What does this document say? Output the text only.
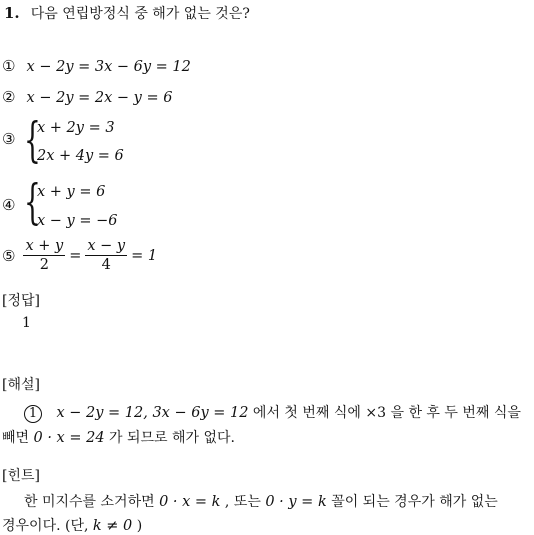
1. 다음 연립방정식 중 해가 없는 것은?
① x − 2y = 3x − 6y = 12
② x − 2y = 2x − y = 6
③ {
x + 2y = 3
2x + 4y = 6
④ {
x + y = 6
x − y = −6
⑤ $\frac{x + y}{2} = \frac{x - y}{4} = 1$
[정답]
1
[해설]
1 x − 2y = 12, 3x − 6y = 12 에서 첫 번째 식에 ×3 을 한 후 두 번째 식을
빼면 0 · x = 24 가 되므로 해가 없다.
[힌트]
한 미지수를 소거하면 0 · x = k , 또는 0 · y = k 꼴이 되는 경우가 해가 없는
경우이다. (단, k ≠ 0 )
